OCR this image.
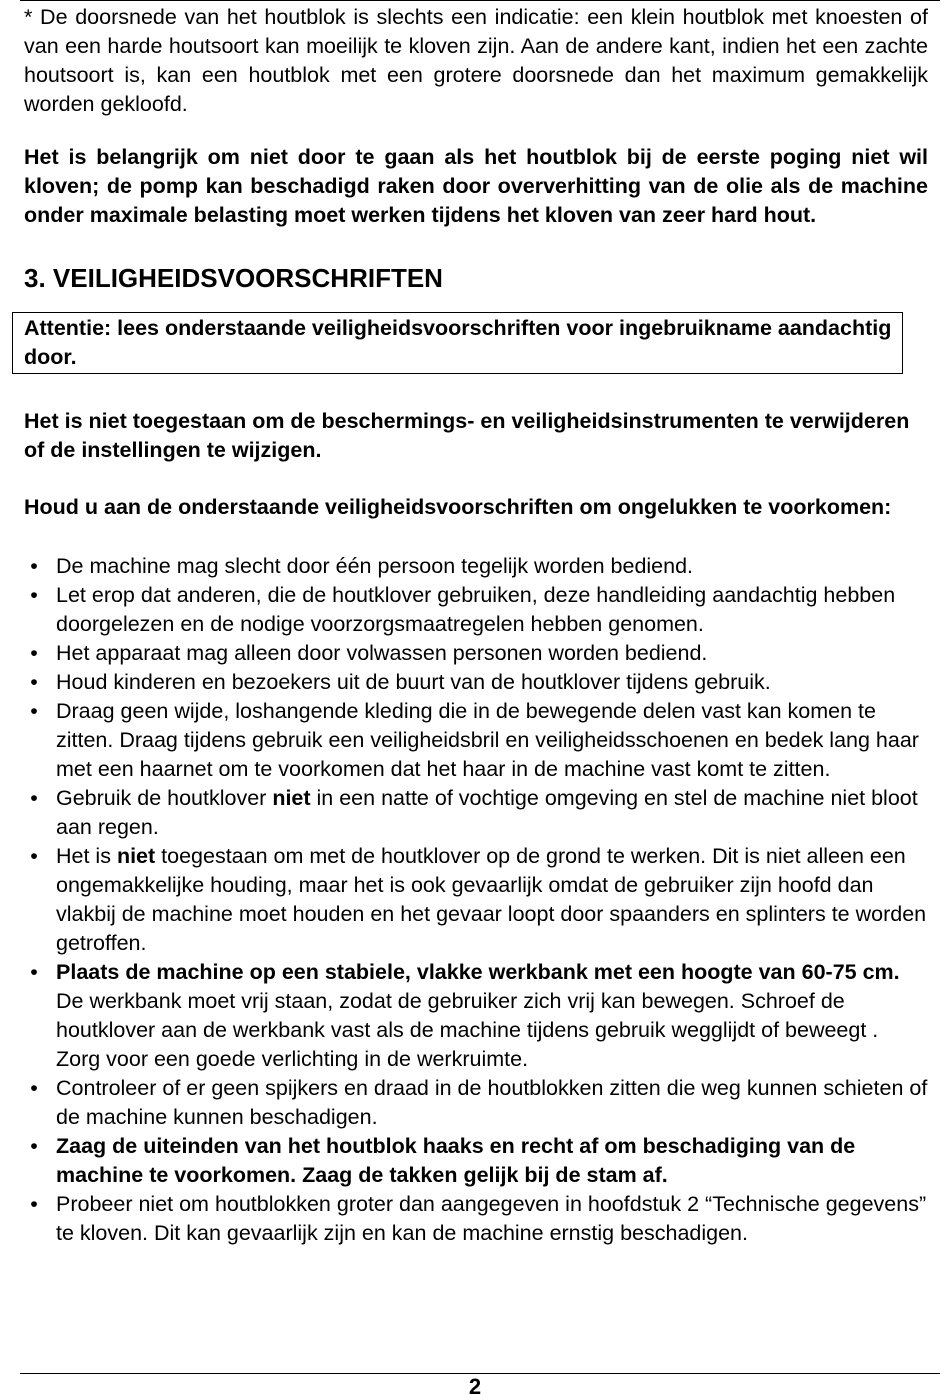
* De doorsnede van het houtblok is slechts een indicatie: een klein houtblok met knoesten of van een harde houtsoort kan moeilijk te kloven zijn. Aan de andere kant, indien het een zachte houtsoort is, kan een houtblok met een grotere doorsnede dan het maximum gemakkelijk worden gekloofd.

Het is belangrijk om niet door te gaan als het houtblok bij de eerste poging niet wil kloven; de pomp kan beschadigd raken door oververhitting van de olie als de machine onder maximale belasting moet werken tijdens het kloven van zeer hard hout.

3. VEILIGHEIDSVOORSCHRIFTEN
Attentie: lees onderstaande veiligheidsvoorschriften voor ingebruikname aandachtig door.

Het is niet toegestaan om de beschermings- en veiligheidsinstrumenten te verwijderen of de instellingen te wijzigen.

Houd u aan de onderstaande veiligheidsvoorschriften om ongelukken te voorkomen:

• De machine mag slecht door één persoon tegelijk worden bediend.
• Let erop dat anderen, die de houtklover gebruiken, deze handleiding aandachtig hebben doorgelezen en de nodige voorzorgsmaatregelen hebben genomen.
• Het apparaat mag alleen door volwassen personen worden bediend.
• Houd kinderen en bezoekers uit de buurt van de houtklover tijdens gebruik.
• Draag geen wijde, loshangende kleding die in de bewegende delen vast kan komen te zitten. Draag tijdens gebruik een veiligheidsbril en veiligheidsschoenen en bedek lang haar met een haarnet om te voorkomen dat het haar in de machine vast komt te zitten.
• Gebruik de houtklover niet in een natte of vochtige omgeving en stel de machine niet bloot aan regen.
• Het is niet toegestaan om met de houtklover op de grond te werken. Dit is niet alleen een ongemakkelijke houding, maar het is ook gevaarlijk omdat de gebruiker zijn hoofd dan vlakbij de machine moet houden en het gevaar loopt door spaanders en splinters te worden getroffen.
• Plaats de machine op een stabiele, vlakke werkbank met een hoogte van 60-75 cm. De werkbank moet vrij staan, zodat de gebruiker zich vrij kan bewegen. Schroef de houtklover aan de werkbank vast als de machine tijdens gebruik wegglijdt of beweegt . Zorg voor een goede verlichting in de werkruimte.
• Controleer of er geen spijkers en draad in de houtblokken zitten die weg kunnen schieten of de machine kunnen beschadigen.
• Zaag de uiteinden van het houtblok haaks en recht af om beschadiging van de machine te voorkomen. Zaag de takken gelijk bij de stam af.
• Probeer niet om houtblokken groter dan aangegeven in hoofdstuk 2 “Technische gegevens” te kloven. Dit kan gevaarlijk zijn en kan de machine ernstig beschadigen.
2
